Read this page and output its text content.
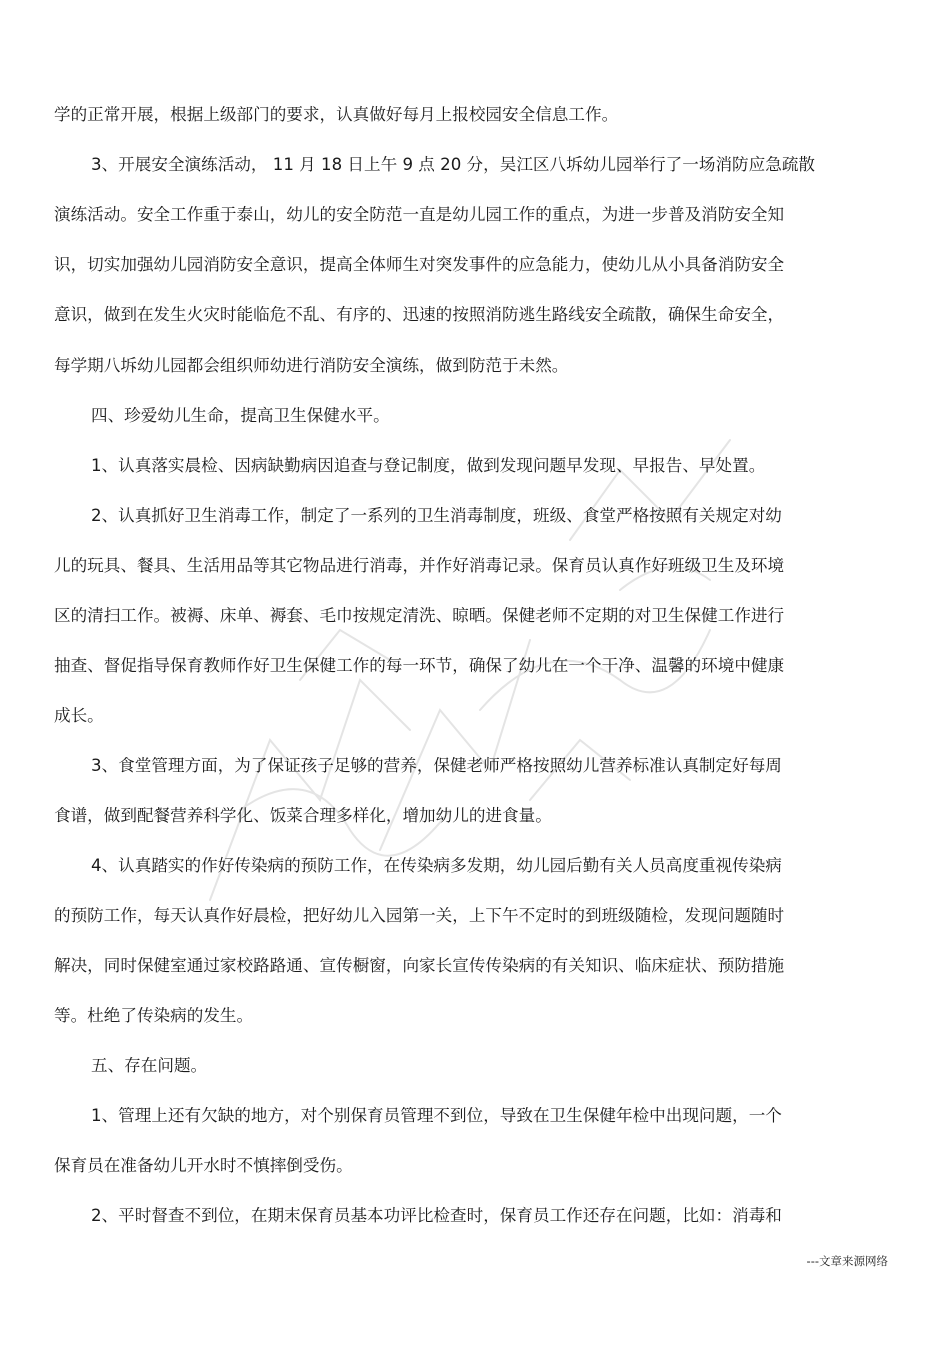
学的正常开展，根据上级部门的要求，认真做好每月上报校园安全信息工作。
3、开展安全演练活动， 11 月 18 日上午 9 点 20 分，吴江区八坼幼儿园举行了一场消防应急疏散
演练活动。安全工作重于泰山，幼儿的安全防范一直是幼儿园工作的重点，为进一步普及消防安全知
识，切实加强幼儿园消防安全意识，提高全体师生对突发事件的应急能力，使幼儿从小具备消防安全
意识，做到在发生火灾时能临危不乱、有序的、迅速的按照消防逃生路线安全疏散，确保生命安全，
每学期八坼幼儿园都会组织师幼进行消防安全演练，做到防范于未然。
四、珍爱幼儿生命，提高卫生保健水平。
1、认真落实晨检、因病缺勤病因追查与登记制度，做到发现问题早发现、早报告、早处置。
2、认真抓好卫生消毒工作，制定了一系列的卫生消毒制度，班级、食堂严格按照有关规定对幼
儿的玩具、餐具、生活用品等其它物品进行消毒，并作好消毒记录。保育员认真作好班级卫生及环境
区的清扫工作。被褥、床单、褥套、毛巾按规定清洗、晾晒。保健老师不定期的对卫生保健工作进行
抽查、督促指导保育教师作好卫生保健工作的每一环节，确保了幼儿在一个干净、温馨的环境中健康
成长。
3、食堂管理方面，为了保证孩子足够的营养，保健老师严格按照幼儿营养标准认真制定好每周
食谱，做到配餐营养科学化、饭菜合理多样化，增加幼儿的进食量。
4、认真踏实的作好传染病的预防工作，在传染病多发期，幼儿园后勤有关人员高度重视传染病
的预防工作，每天认真作好晨检，把好幼儿入园第一关，上下午不定时的到班级随检，发现问题随时
解决，同时保健室通过家校路路通、宣传橱窗，向家长宣传传染病的有关知识、临床症状、预防措施
等。杜绝了传染病的发生。
五、存在问题。
1、管理上还有欠缺的地方，对个别保育员管理不到位，导致在卫生保健年检中出现问题，一个
保育员在准备幼儿开水时不慎摔倒受伤。
2、平时督查不到位，在期末保育员基本功评比检查时，保育员工作还存在问题，比如：消毒和
---文章来源网络
